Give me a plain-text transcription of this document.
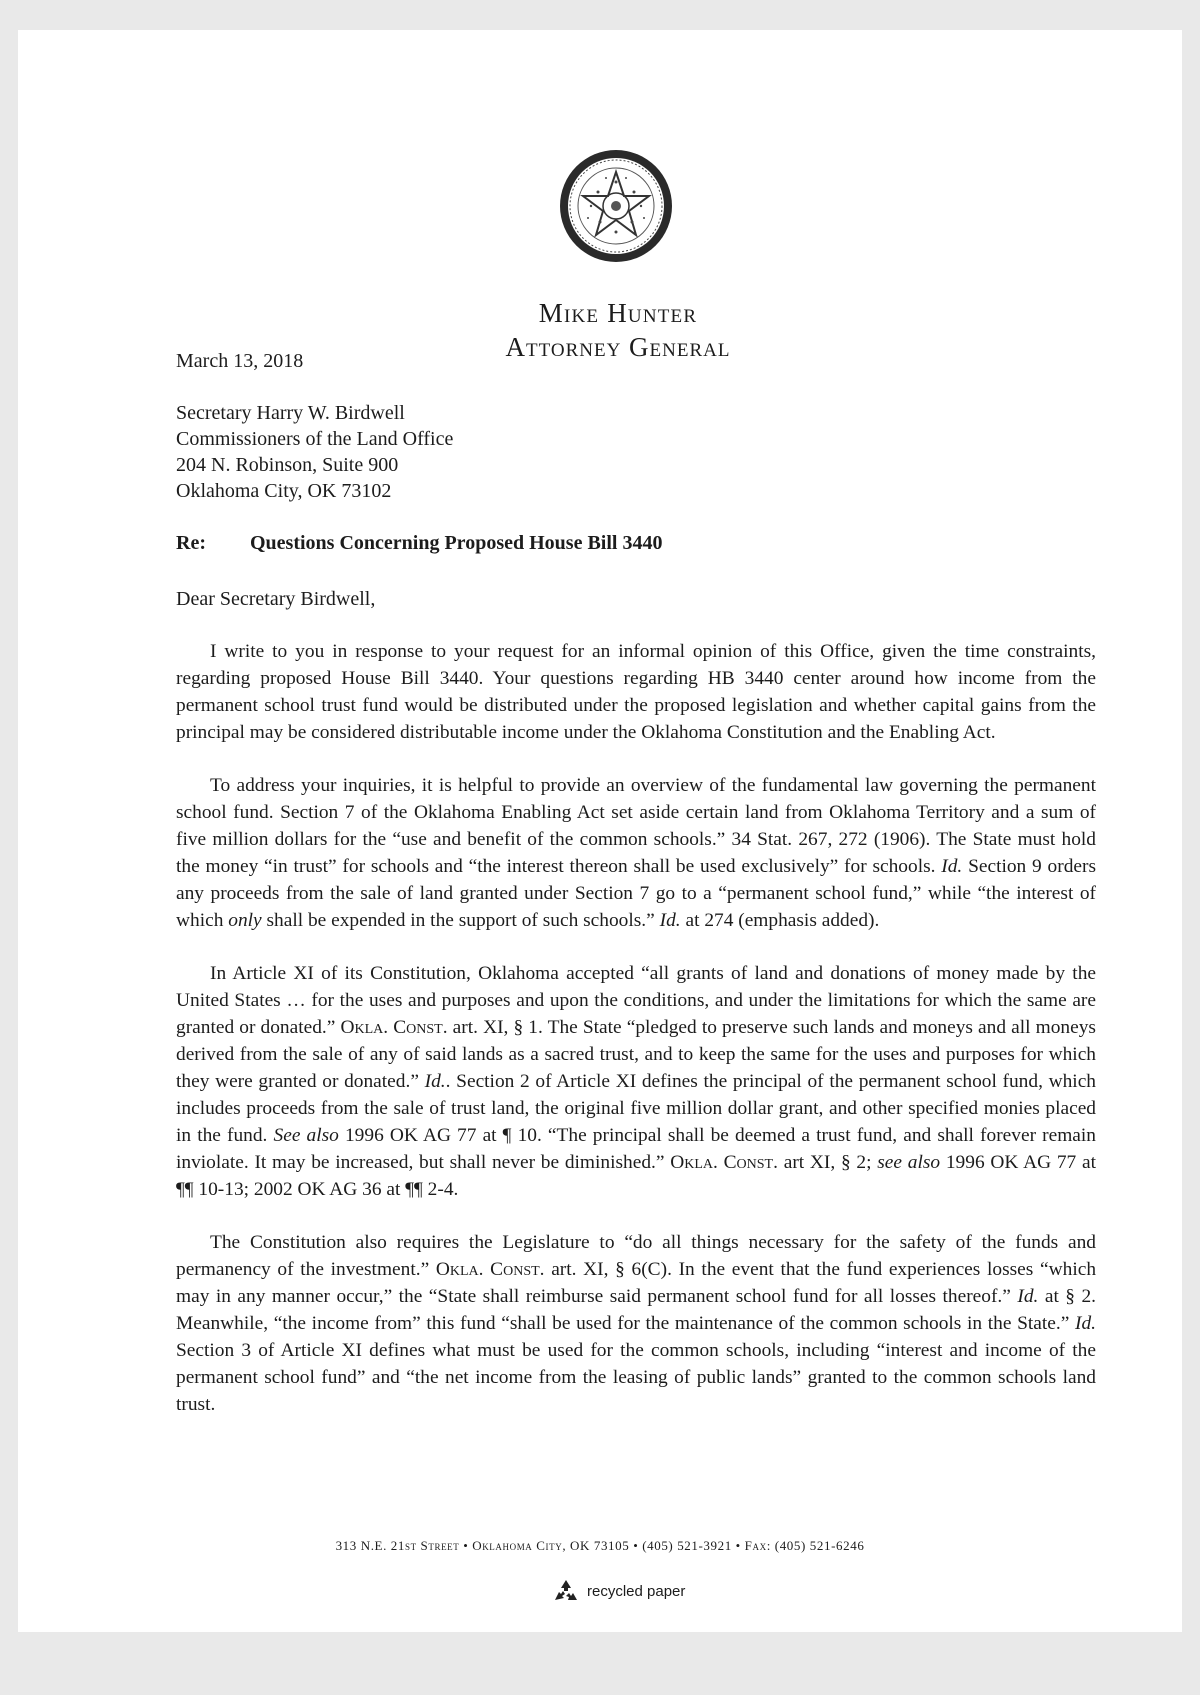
Mike Hunter
Attorney General
March 13, 2018
Secretary Harry W. Birdwell
Commissioners of the Land Office
204 N. Robinson, Suite 900
Oklahoma City, OK 73102
Re: Questions Concerning Proposed House Bill 3440
Dear Secretary Birdwell,

I write to you in response to your request for an informal opinion of this Office, given the time constraints, regarding proposed House Bill 3440. Your questions regarding HB 3440 center around how income from the permanent school trust fund would be distributed under the proposed legislation and whether capital gains from the principal may be considered distributable income under the Oklahoma Constitution and the Enabling Act.

To address your inquiries, it is helpful to provide an overview of the fundamental law governing the permanent school fund. Section 7 of the Oklahoma Enabling Act set aside certain land from Oklahoma Territory and a sum of five million dollars for the “use and benefit of the common schools.” 34 Stat. 267, 272 (1906). The State must hold the money “in trust” for schools and “the interest thereon shall be used exclusively” for schools. Id. Section 9 orders any proceeds from the sale of land granted under Section 7 go to a “permanent school fund,” while “the interest of which only shall be expended in the support of such schools.” Id. at 274 (emphasis added).

In Article XI of its Constitution, Oklahoma accepted “all grants of land and donations of money made by the United States … for the uses and purposes and upon the conditions, and under the limitations for which the same are granted or donated.” Okla. Const. art. XI, § 1. The State “pledged to preserve such lands and moneys and all moneys derived from the sale of any of said lands as a sacred trust, and to keep the same for the uses and purposes for which they were granted or donated.” Id.. Section 2 of Article XI defines the principal of the permanent school fund, which includes proceeds from the sale of trust land, the original five million dollar grant, and other specified monies placed in the fund. See also 1996 OK AG 77 at ¶ 10. “The principal shall be deemed a trust fund, and shall forever remain inviolate. It may be increased, but shall never be diminished.” Okla. Const. art XI, § 2; see also 1996 OK AG 77 at ¶¶ 10-13; 2002 OK AG 36 at ¶¶ 2-4.

The Constitution also requires the Legislature to “do all things necessary for the safety of the funds and permanency of the investment.” Okla. Const. art. XI, § 6(C). In the event that the fund experiences losses “which may in any manner occur,” the “State shall reimburse said permanent school fund for all losses thereof.” Id. at § 2. Meanwhile, “the income from” this fund “shall be used for the maintenance of the common schools in the State.” Id. Section 3 of Article XI defines what must be used for the common schools, including “interest and income of the permanent school fund” and “the net income from the leasing of public lands” granted to the common schools land trust.

313 N.E. 21st Street • Oklahoma City, OK 73105 • (405) 521-3921 • Fax: (405) 521-6246
recycled paper
